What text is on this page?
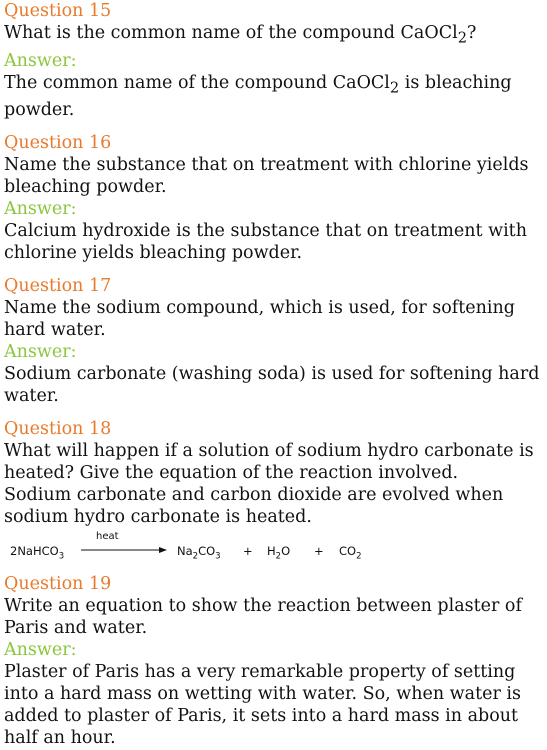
Question 15
What is the common name of the compound CaOCl$_2$?
Answer:
The common name of the compound CaOCl$_2$ is bleaching powder.
Question 16
Name the substance that on treatment with chlorine yields bleaching powder.
Answer:
Calcium hydroxide is the substance that on treatment with chlorine yields bleaching powder.
Question 17
Name the sodium compound, which is used, for softening hard water.
Answer:
Sodium carbonate (washing soda) is used for softening hard water.
Question 18
What will happen if a solution of sodium hydro carbonate is heated? Give the equation of the reaction involved.
Sodium carbonate and carbon dioxide are evolved when sodium hydro carbonate is heated.
2NaHCO$_3$
heat
$Na_2CO_3 + H_2O + CO_2$
Question 19
Write an equation to show the reaction between plaster of Paris and water.
Answer:
Plaster of Paris has a very remarkable property of setting into a hard mass on wetting with water. So, when water is added to plaster of Paris, it sets into a hard mass in about half an hour.
